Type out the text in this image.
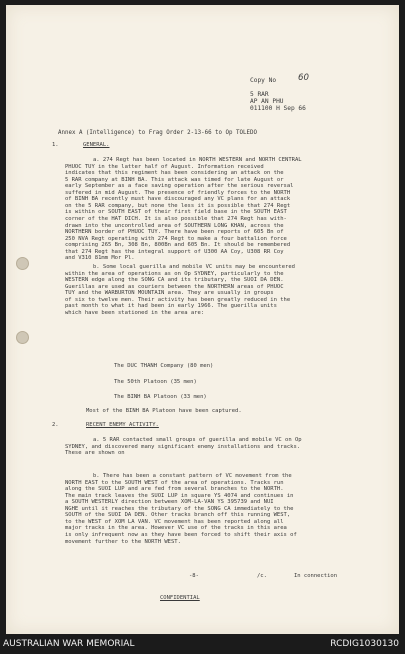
Copy No	60
5 RAR
AP AN PHU
011100 H Sep 66
Annex A (Intelligence) to Frag Order 2-13-66 to Op TOLEDO
1.	GENERAL.
a. 274 Regt has been located in NORTH WESTERN and NORTH CENTRAL
PHUOC TUY in the latter half of August. Information received
indicates that this regiment has been considering an attack on the
5 RAR company at BINH BA. This attack was timed for late August or
early September as a face saving operation after the serious reversal
suffered in mid August. The presence of friendly forces to the NORTH
of BINH BA recently must have discouraged any VC plans for an attack
on the 5 RAR company, but none the less it is possible that 274 Regt
is within or SOUTH EAST of their first field base in the SOUTH EAST
corner of the HAT DICH. It is also possible that 274 Regt has with-
drawn into the uncontrolled area of SOUTHERN LONG KHAN, across the
NORTHERN border of PHUOC TUY. There have been reports of 605 Bn of
250 NVA Regt operating with 274 Regt to make a four battalion force
comprising 265 Bn, 308 Bn, 800Bn and 605 Bn. It should be remembered
that 274 Regt has the integral support of U300 AA Coy, U308 RR Coy
and V310 81mm Mor Pl.
b. Some local guerilla and mobile VC units may be encountered
within the area of operations as on Op SYDNEY, particularly to the
WESTERN edge along the SONG CA and its tributary, the SUOI DA DEN.
Guerillas are used as couriers between the NORTHERN areas of PHUOC
TUY and the WARBURTON MOUNTAIN area. They are usually in groups
of six to twelve men. Their activity has been greatly reduced in the
past month to what it had been in early 1966. The guerilla units
which have been stationed in the area are:
The DUC THANH Company (80 men)
The 50th Platoon (35 men)
The BINH BA Platoon (33 men)
Most of the BINH BA Platoon have been captured.
2.	RECENT ENEMY ACTIVITY.
a. 5 RAR contacted small groups of guerilla and mobile VC on Op
SYDNEY, and discovered many significant enemy installations and tracks.
These are shown on
b. There has been a constant pattern of VC movement from the
NORTH EAST to the SOUTH WEST of the area of operations. Tracks run
along the SUOI LUP and are fed from several branches to the NORTH.
The main track leaves the SUOI LUP in square YS 4074 and continues in
a SOUTH WESTERLY direction between XOM-LA-VAN YS 395739 and NUI
NGHE until it reaches the tributary of the SONG CA immediately to the
SOUTH of the SUOI DA DEN. Other tracks branch off this running WEST,
to the WEST of XOM LA VAN. VC movement has been reported along all
major tracks in the area. However VC use of the tracks in this area
is only infrequent now as they have been forced to shift their axis of
movement further to the NORTH WEST.
-8-	/c.	In connection
CONFIDENTIAL
AUSTRALIAN WAR MEMORIAL	RCDIG1030130
